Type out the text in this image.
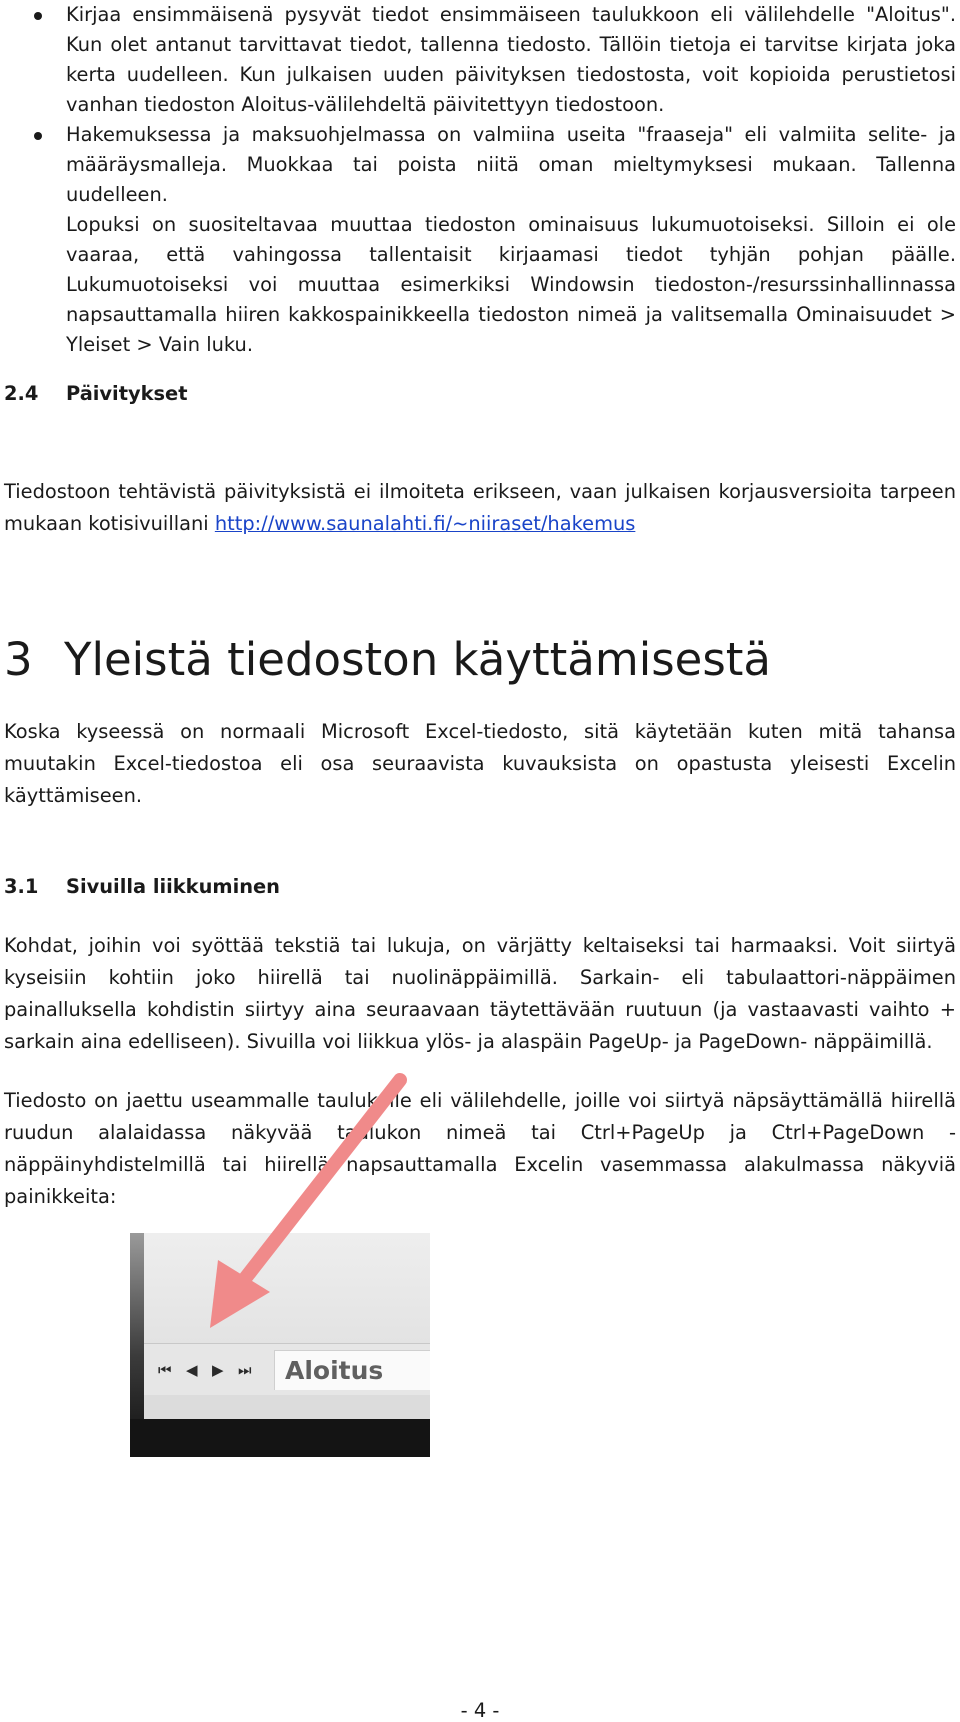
Kirjaa ensimmäisenä pysyvät tiedot ensimmäiseen taulukkoon eli välilehdelle "Aloitus". Kun olet antanut tarvittavat tiedot, tallenna tiedosto. Tällöin tietoja ei tarvitse kirjata joka kerta uudelleen. Kun julkaisen uuden päivityksen tiedostosta, voit kopioida perustietosi vanhan tiedoston Aloitus-välilehdeltä päivitettyyn tiedostoon.

Hakemuksessa ja maksuohjelmassa on valmiina useita "fraaseja" eli valmiita selite- ja määräysmalleja. Muokkaa tai poista niitä oman mieltymyksesi mukaan. Tallenna uudelleen.

Lopuksi on suositeltavaa muuttaa tiedoston ominaisuus lukumuotoiseksi. Silloin ei ole vaaraa, että vahingossa tallentaisit kirjaamasi tiedot tyhjän pohjan päälle. Lukumuotoiseksi voi muuttaa esimerkiksi Windowsin tiedoston-/resurssinhallinnassa napsauttamalla hiiren kakkospainikkeella tiedoston nimeä ja valitsemalla Ominaisuudet > Yleiset > Vain luku.

2.4 Päivitykset

Tiedostoon tehtävistä päivityksistä ei ilmoiteta erikseen, vaan julkaisen korjausversioita tarpeen mukaan kotisivuillani http://www.saunalahti.fi/~niiraset/hakemus

3 Yleistä tiedoston käyttämisestä

Koska kyseessä on normaali Microsoft Excel-tiedosto, sitä käytetään kuten mitä tahansa muutakin Excel-tiedostoa eli osa seuraavista kuvauksista on opastusta yleisesti Excelin käyttämiseen.

3.1 Sivuilla liikkuminen

Kohdat, joihin voi syöttää tekstiä tai lukuja, on värjätty keltaiseksi tai harmaaksi. Voit siirtyä kyseisiin kohtiin joko hiirellä tai nuolinäppäimillä. Sarkain- eli tabulaattori-näppäimen painalluksella kohdistin siirtyy aina seuraavaan täytettävään ruutuun (ja vastaavasti vaihto + sarkain aina edelliseen). Sivuilla voi liikkua ylös- ja alaspäin PageUp- ja PageDown- näppäimillä.

Tiedosto on jaettu useammalle taulukolle eli välilehdelle, joille voi siirtyä näpsäyttämällä hiirellä ruudun alalaidassa näkyvää taulukon nimeä tai Ctrl+PageUp ja Ctrl+PageDown -näppäinyhdistelmillä tai hiirellä napsauttamalla Excelin vasemmassa alakulmassa näkyviä painikkeita:

⏮ ◀ ▶ ⏭	Aloitus
- 4 -
